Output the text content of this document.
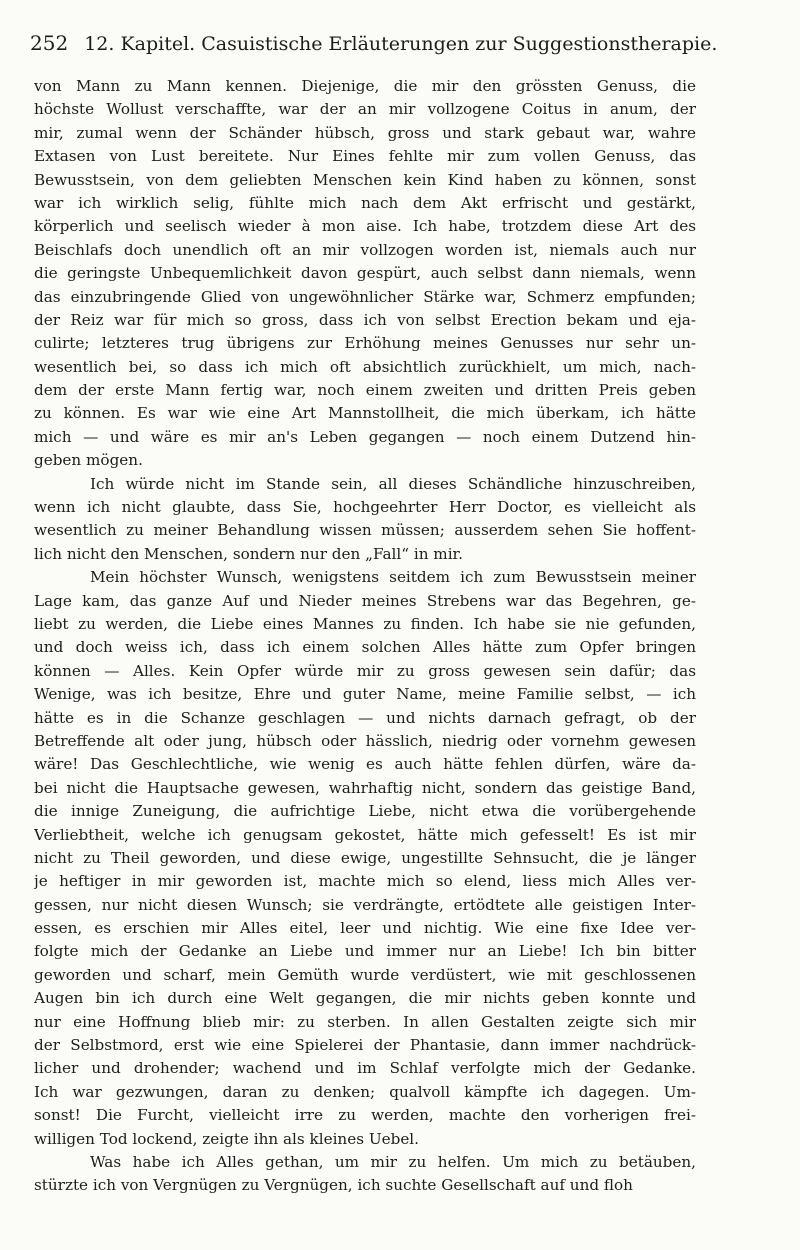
252 12. Kapitel. Casuistische Erläuterungen zur Suggestionstherapie.
von Mann zu Mann kennen. Diejenige, die mir den grössten Genuss, die
höchste Wollust verschaffte, war der an mir vollzogene Coitus in anum, der
mir, zumal wenn der Schänder hübsch, gross und stark gebaut war, wahre
Extasen von Lust bereitete. Nur Eines fehlte mir zum vollen Genuss, das
Bewusstsein, von dem geliebten Menschen kein Kind haben zu können, sonst
war ich wirklich selig, fühlte mich nach dem Akt erfrischt und gestärkt,
körperlich und seelisch wieder à mon aise. Ich habe, trotzdem diese Art des
Beischlafs doch unendlich oft an mir vollzogen worden ist, niemals auch nur
die geringste Unbequemlichkeit davon gespürt, auch selbst dann niemals, wenn
das einzubringende Glied von ungewöhnlicher Stärke war, Schmerz empfunden;
der Reiz war für mich so gross, dass ich von selbst Erection bekam und eja-
culirte; letzteres trug übrigens zur Erhöhung meines Genusses nur sehr un-
wesentlich bei, so dass ich mich oft absichtlich zurückhielt, um mich, nach-
dem der erste Mann fertig war, noch einem zweiten und dritten Preis geben
zu können. Es war wie eine Art Mannstollheit, die mich überkam, ich hätte
mich — und wäre es mir an's Leben gegangen — noch einem Dutzend hin-
geben mögen.
Ich würde nicht im Stande sein, all dieses Schändliche hinzuschreiben,
wenn ich nicht glaubte, dass Sie, hochgeehrter Herr Doctor, es vielleicht als
wesentlich zu meiner Behandlung wissen müssen; ausserdem sehen Sie hoffent-
lich nicht den Menschen, sondern nur den „Fall“ in mir.
Mein höchster Wunsch, wenigstens seitdem ich zum Bewusstsein meiner
Lage kam, das ganze Auf und Nieder meines Strebens war das Begehren, ge-
liebt zu werden, die Liebe eines Mannes zu finden. Ich habe sie nie gefunden,
und doch weiss ich, dass ich einem solchen Alles hätte zum Opfer bringen
können — Alles. Kein Opfer würde mir zu gross gewesen sein dafür; das
Wenige, was ich besitze, Ehre und guter Name, meine Familie selbst, — ich
hätte es in die Schanze geschlagen — und nichts darnach gefragt, ob der
Betreffende alt oder jung, hübsch oder hässlich, niedrig oder vornehm gewesen
wäre! Das Geschlechtliche, wie wenig es auch hätte fehlen dürfen, wäre da-
bei nicht die Hauptsache gewesen, wahrhaftig nicht, sondern das geistige Band,
die innige Zuneigung, die aufrichtige Liebe, nicht etwa die vorübergehende
Verliebtheit, welche ich genugsam gekostet, hätte mich gefesselt! Es ist mir
nicht zu Theil geworden, und diese ewige, ungestillte Sehnsucht, die je länger
je heftiger in mir geworden ist, machte mich so elend, liess mich Alles ver-
gessen, nur nicht diesen Wunsch; sie verdrängte, ertödtete alle geistigen Inter-
essen, es erschien mir Alles eitel, leer und nichtig. Wie eine fixe Idee ver-
folgte mich der Gedanke an Liebe und immer nur an Liebe! Ich bin bitter
geworden und scharf, mein Gemüth wurde verdüstert, wie mit geschlossenen
Augen bin ich durch eine Welt gegangen, die mir nichts geben konnte und
nur eine Hoffnung blieb mir: zu sterben. In allen Gestalten zeigte sich mir
der Selbstmord, erst wie eine Spielerei der Phantasie, dann immer nachdrück-
licher und drohender; wachend und im Schlaf verfolgte mich der Gedanke.
Ich war gezwungen, daran zu denken; qualvoll kämpfte ich dagegen. Um-
sonst! Die Furcht, vielleicht irre zu werden, machte den vorherigen frei-
willigen Tod lockend, zeigte ihn als kleines Uebel.
Was habe ich Alles gethan, um mir zu helfen. Um mich zu betäuben,
stürzte ich von Vergnügen zu Vergnügen, ich suchte Gesellschaft auf und floh
